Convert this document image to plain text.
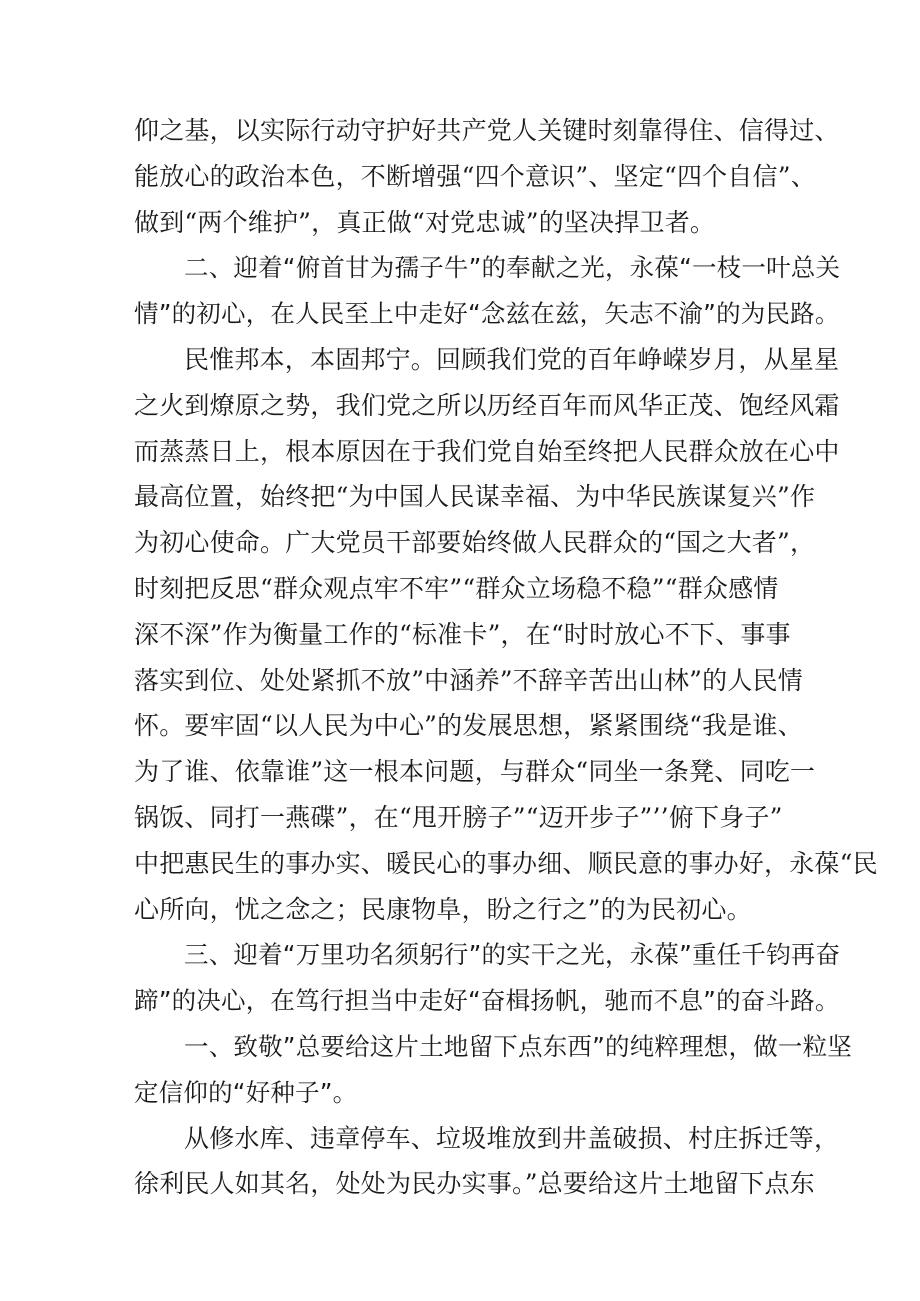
仰之基，以实际行动守护好共产党人关键时刻靠得住、信得过、
能放心的政治本色，不断增强“四个意识”、坚定“四个自信”、
做到“两个维护”，真正做“对党忠诚”的坚决捍卫者。
二、迎着“俯首甘为孺子牛”的奉献之光，永葆“一枝一叶总关
情”的初心，在人民至上中走好“念兹在兹，矢志不渝”的为民路。
民惟邦本，本固邦宁。回顾我们党的百年峥嵘岁月，从星星
之火到燎原之势，我们党之所以历经百年而风华正茂、饱经风霜
而蒸蒸日上，根本原因在于我们党自始至终把人民群众放在心中
最高位置，始终把“为中国人民谋幸福、为中华民族谋复兴”作
为初心使命。广大党员干部要始终做人民群众的“国之大者”，
时刻把反思“群众观点牢不牢”“群众立场稳不稳”“群众感情
深不深”作为衡量工作的“标准卡”，在“时时放心不下、事事
落实到位、处处紧抓不放”中涵养”不辞辛苦出山林”的人民情
怀。要牢固“以人民为中心”的发展思想，紧紧围绕“我是谁、
为了谁、依靠谁”这一根本问题，与群众“同坐一条凳、同吃一
锅饭、同打一燕碟”，在“甩开膀子”“迈开步子”’’俯下身子”
中把惠民生的事办实、暖民心的事办细、顺民意的事办好，永葆“民
心所向，忧之念之；民康物阜，盼之行之”的为民初心。
三、迎着“万里功名须躬行”的实干之光，永葆”重任千钧再奋
蹄”的决心，在笃行担当中走好“奋楫扬帆，驰而不息”的奋斗路。
一、致敬”总要给这片土地留下点东西”的纯粹理想，做一粒坚
定信仰的“好种子”。
从修水库、违章停车、垃圾堆放到井盖破损、村庄拆迁等，
徐利民人如其名，处处为民办实事。”总要给这片土地留下点东
